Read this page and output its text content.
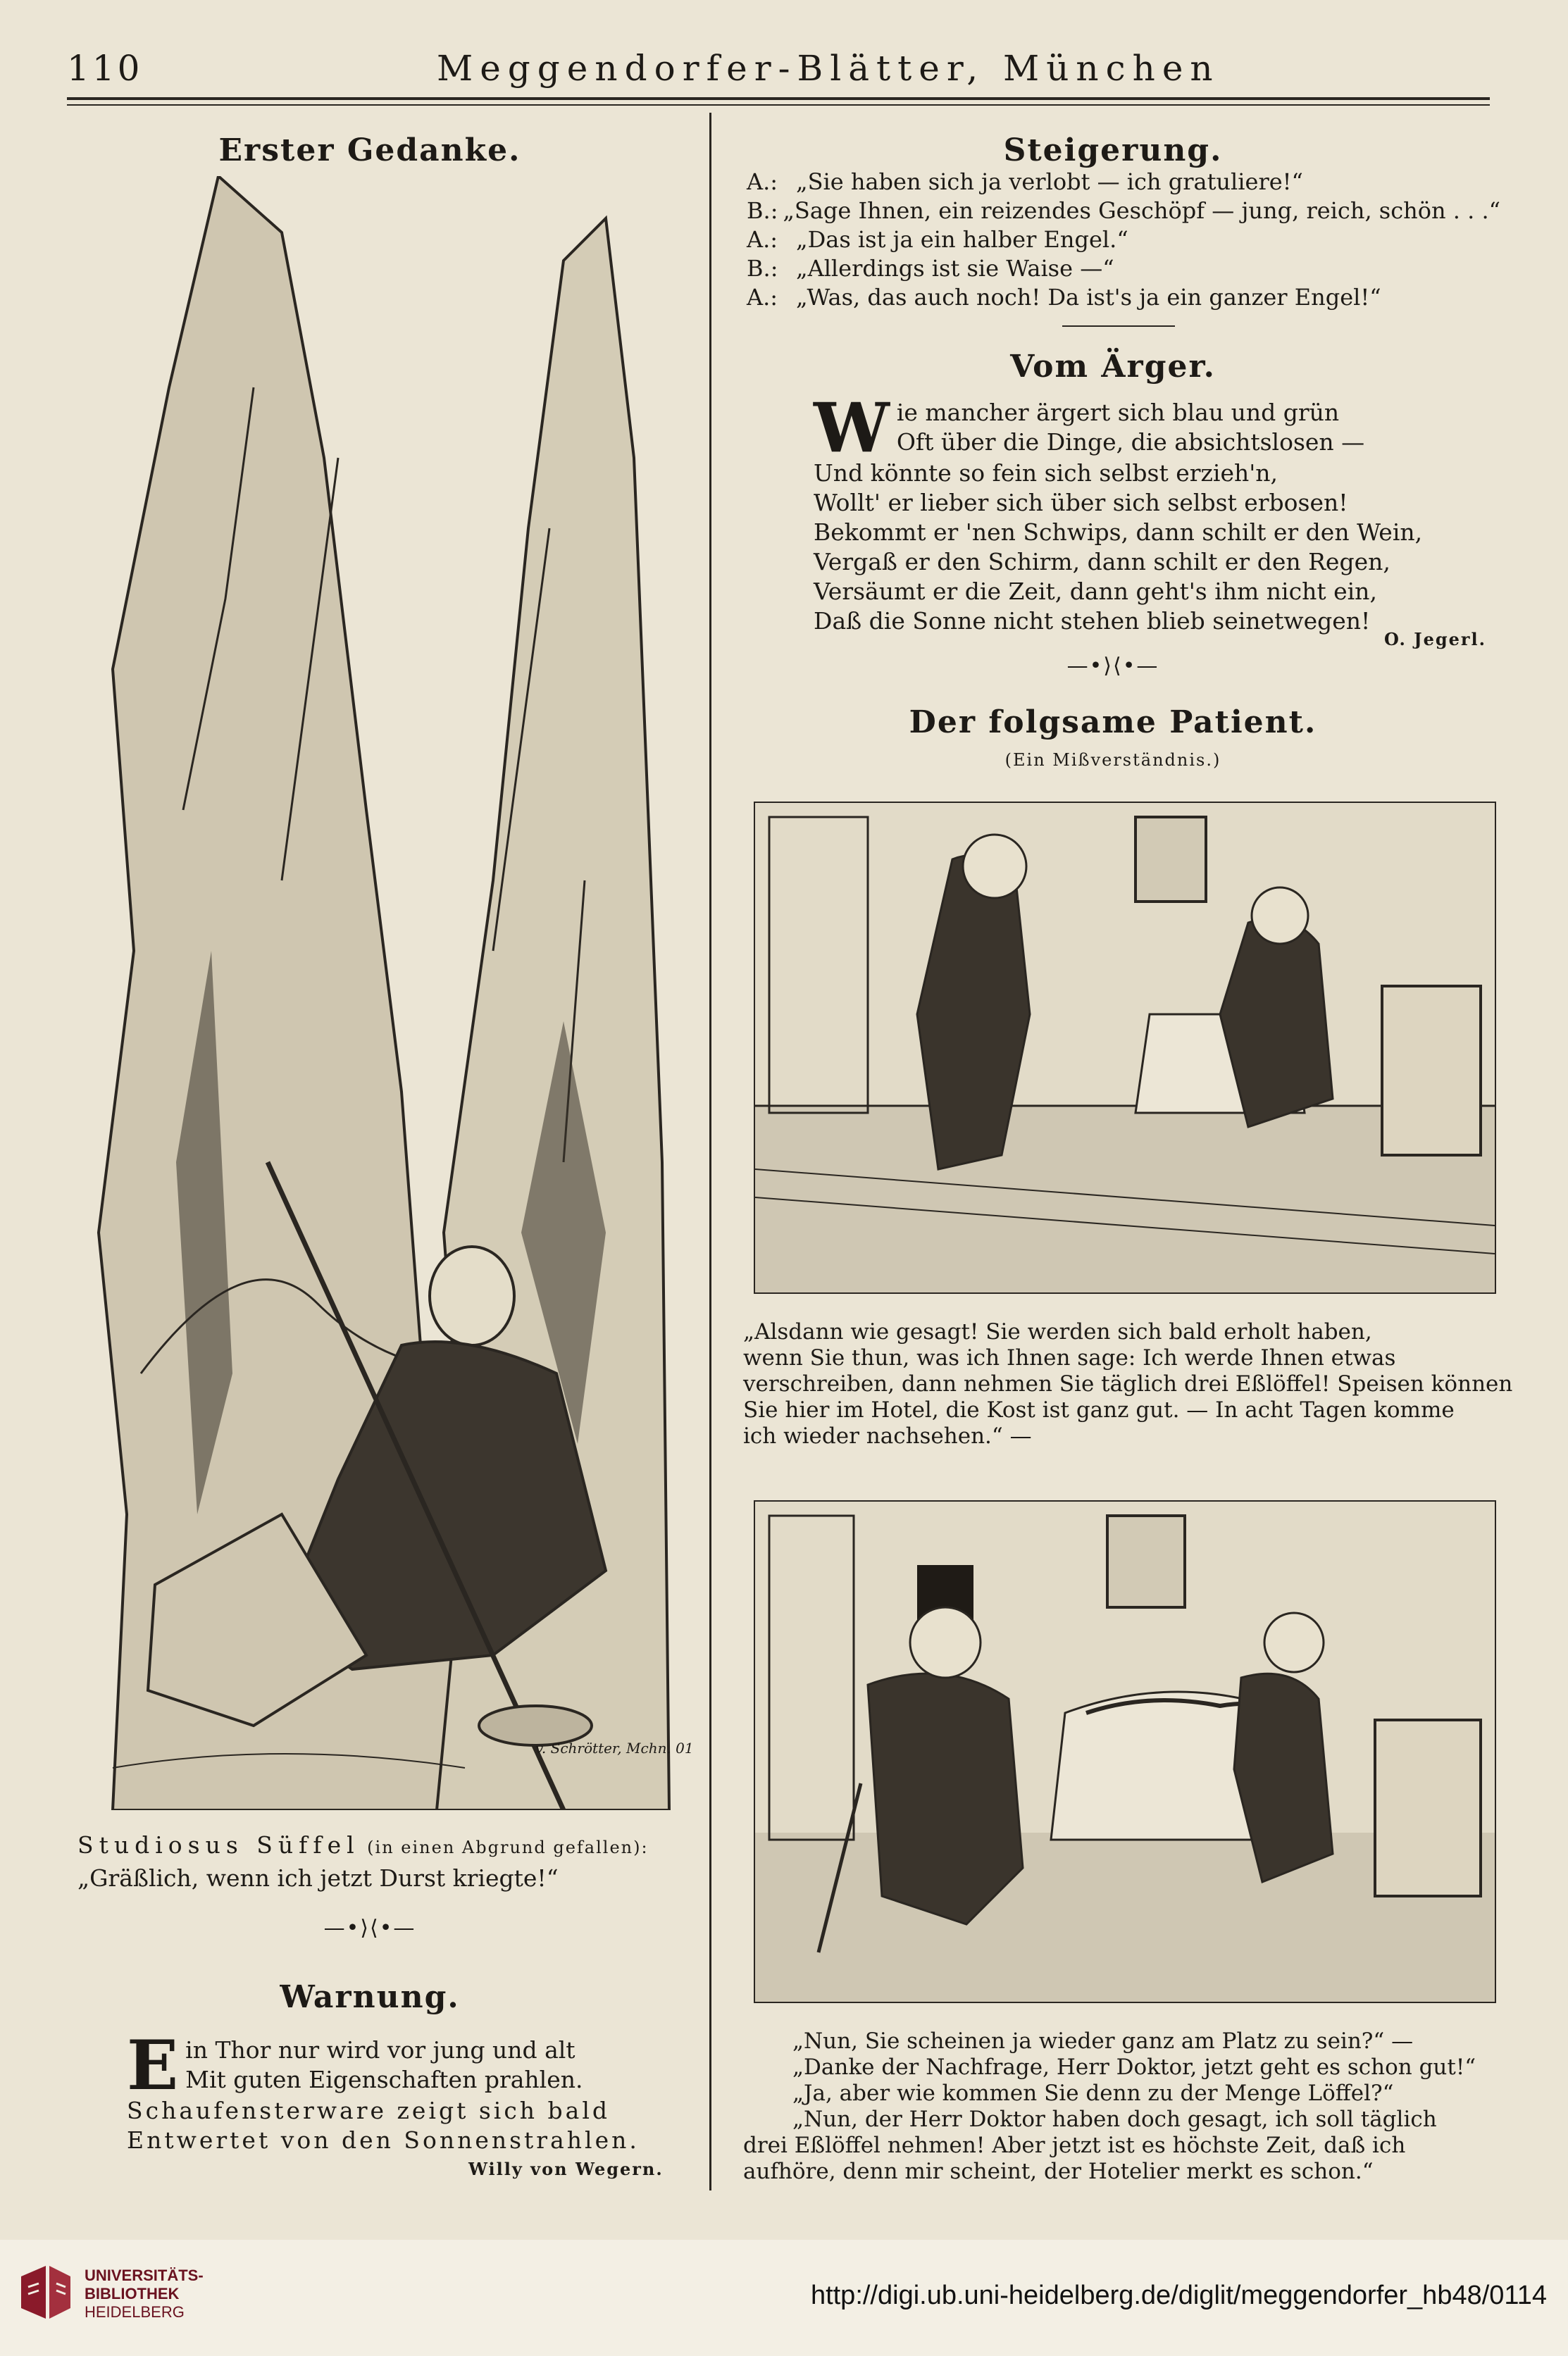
110	Meggendorfer-Blätter, München
Erster Gedanke.
v. Schrötter, Mchn. 01
Studiosus Süffel (in einen Abgrund gefallen):
„Gräßlich, wenn ich jetzt Durst kriegte!“
—•⟩⟨•—
Warnung.
E in Thor nur wird vor jung und alt
Mit guten Eigenschaften prahlen.
Schaufensterware zeigt sich bald
Entwertet von den Sonnenstrahlen.
Willy von Wegern.
Steigerung.
A.: „Sie haben sich ja verlobt — ich gratuliere!“
B.: „Sage Ihnen, ein reizendes Geschöpf — jung, reich, schön . . .“
A.: „Das ist ja ein halber Engel.“
B.: „Allerdings ist sie Waise —“
A.: „Was, das auch noch! Da ist's ja ein ganzer Engel!“
Vom Ärger.
W ie mancher ärgert sich blau und grün
Oft über die Dinge, die absichtslosen —
Und könnte so fein sich selbst erzieh'n,
Wollt' er lieber sich über sich selbst erbosen!
Bekommt er 'nen Schwips, dann schilt er den Wein,
Vergaß er den Schirm, dann schilt er den Regen,
Versäumt er die Zeit, dann geht's ihm nicht ein,
Daß die Sonne nicht stehen blieb seinetwegen!
O. Jegerl.
—•⟩⟨•—
Der folgsame Patient.
(Ein Mißverständnis.)
„Alsdann wie gesagt! Sie werden sich bald erholt haben,
wenn Sie thun, was ich Ihnen sage: Ich werde Ihnen etwas
verschreiben, dann nehmen Sie täglich drei Eßlöffel! Speisen können
Sie hier im Hotel, die Kost ist ganz gut. — In acht Tagen komme
ich wieder nachsehen.“ —
„Nun, Sie scheinen ja wieder ganz am Platz zu sein?“ —
„Danke der Nachfrage, Herr Doktor, jetzt geht es schon gut!“
„Ja, aber wie kommen Sie denn zu der Menge Löffel?“
„Nun, der Herr Doktor haben doch gesagt, ich soll täglich
drei Eßlöffel nehmen! Aber jetzt ist es höchste Zeit, daß ich
aufhöre, denn mir scheint, der Hotelier merkt es schon.“
UNIVERSITÄTS-
BIBLIOTHEK
HEIDELBERG
http://digi.ub.uni-heidelberg.de/diglit/meggendorfer_hb48/0114
